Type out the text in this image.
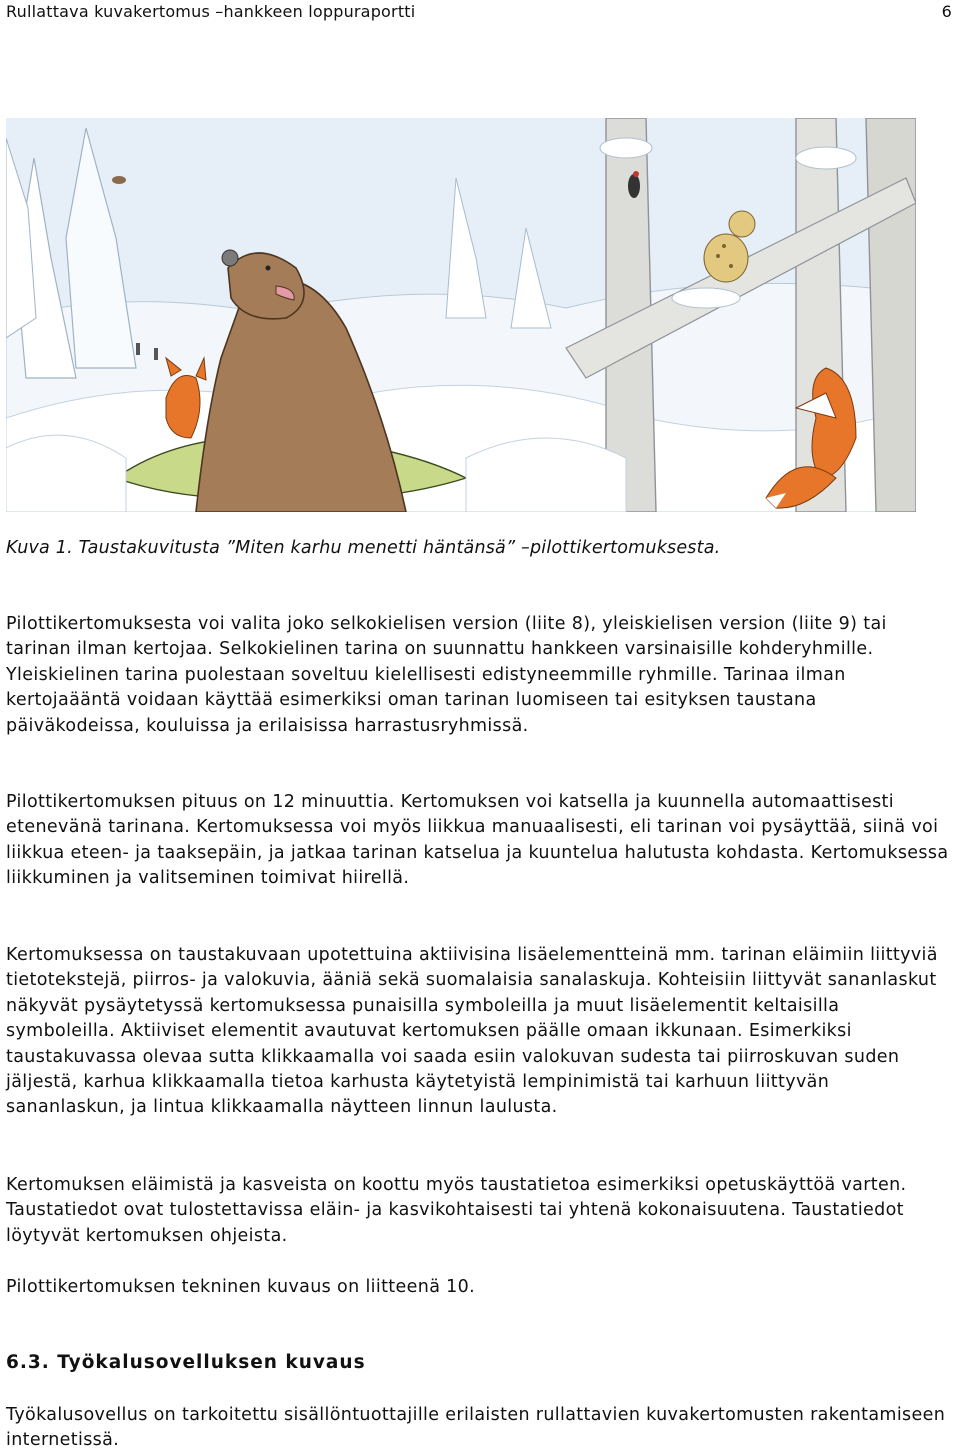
Rullattava kuvakertomus –hankkeen loppuraportti	6
Kuva 1. Taustakuvitusta ”Miten karhu menetti häntänsä” –pilottikertomuksesta.

Pilottikertomuksesta voi valita joko selkokielisen version (liite 8), yleiskielisen version (liite 9) tai tarinan ilman kertojaa. Selkokielinen tarina on suunnattu hankkeen varsinaisille kohderyhmille. Yleiskielinen tarina puolestaan soveltuu kielellisesti edistyneemmille ryhmille. Tarinaa ilman kertojaääntä voidaan käyttää esimerkiksi oman tarinan luomiseen tai esityksen taustana päiväkodeissa, kouluissa ja erilaisissa harrastusryhmissä.

Pilottikertomuksen pituus on 12 minuuttia. Kertomuksen voi katsella ja kuunnella automaattisesti etenevänä tarinana. Kertomuksessa voi myös liikkua manuaalisesti, eli tarinan voi pysäyttää, siinä voi liikkua eteen- ja taaksepäin, ja jatkaa tarinan katselua ja kuuntelua halutusta kohdasta. Kertomuksessa liikkuminen ja valitseminen toimivat hiirellä.

Kertomuksessa on taustakuvaan upotettuina aktiivisina lisäelementteinä mm. tarinan eläimiin liittyviä tietotekstejä, piirros- ja valokuvia, ääniä sekä suomalaisia sanalaskuja. Kohteisiin liittyvät sananlaskut näkyvät pysäytetyssä kertomuksessa punaisilla symboleilla ja muut lisäelementit keltaisilla symboleilla. Aktiiviset elementit avautuvat kertomuksen päälle omaan ikkunaan. Esimerkiksi taustakuvassa olevaa sutta klikkaamalla voi saada esiin valokuvan sudesta tai piirroskuvan suden jäljestä, karhua klikkaamalla tietoa karhusta käytetyistä lempinimistä tai karhuun liittyvän sananlaskun, ja lintua klikkaamalla näytteen linnun laulusta.

Kertomuksen eläimistä ja kasveista on koottu myös taustatietoa esimerkiksi opetuskäyttöä varten. Taustatiedot ovat tulostettavissa eläin- ja kasvikohtaisesti tai yhtenä kokonaisuutena. Taustatiedot löytyvät kertomuksen ohjeista.

Pilottikertomuksen tekninen kuvaus on liitteenä 10.

6.3. Työkalusovelluksen kuvaus

Työkalusovellus on tarkoitettu sisällöntuottajille erilaisten rullattavien kuvakertomusten rakentamiseen internetissä.
